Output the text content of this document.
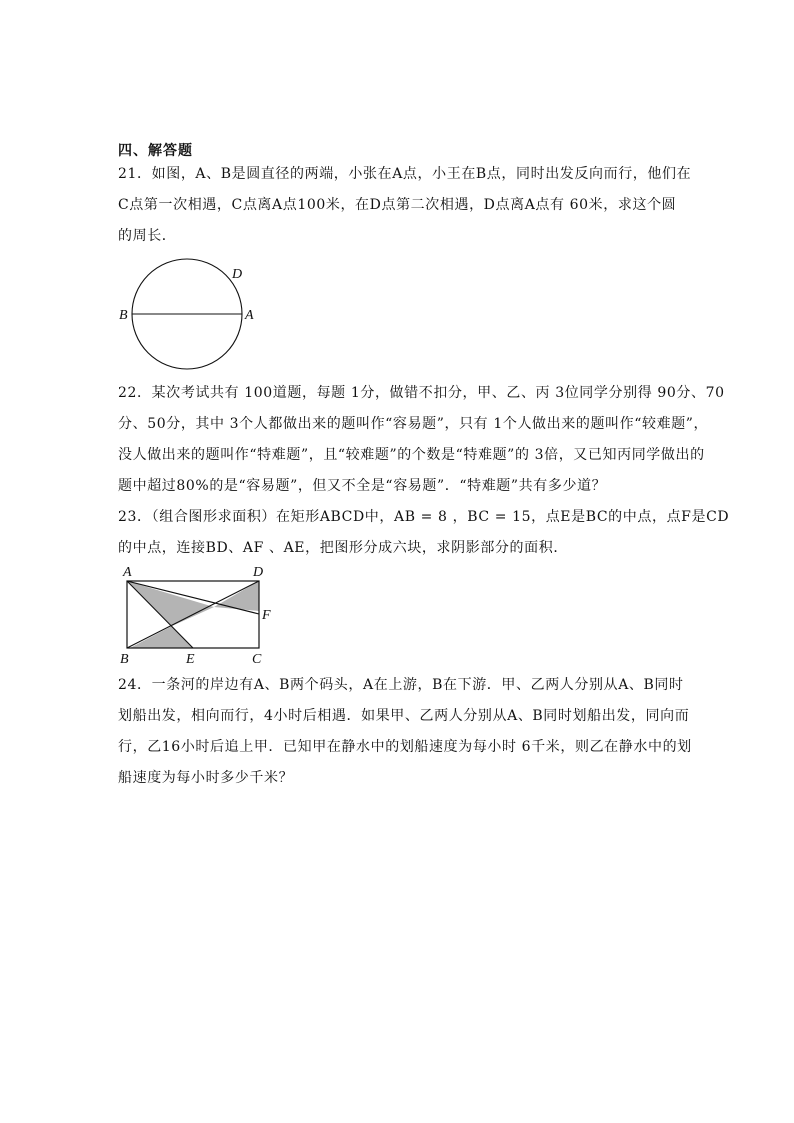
四、解答题
21．如图，A、B是圆直径的两端，小张在A点，小王在B点，同时出发反向而行，他们在
C点第一次相遇，C点离A点100米，在D点第二次相遇，D点离A点有 60米，求这个圆
的周长．
B	A
D
22．某次考试共有 100道题，每题 1分，做错不扣分，甲、乙、丙 3位同学分别得 90分、70
分、50分，其中 3个人都做出来的题叫作“容易题”，只有 1个人做出来的题叫作“较难题”，
没人做出来的题叫作“特难题”，且“较难题”的个数是“特难题”的 3倍，又已知丙同学做出的
题中超过80%的是“容易题”，但又不全是“容易题”．“特难题”共有多少道？
23．（组合图形求面积）在矩形ABCD中，AB = 8 ，BC = 15，点E是BC的中点，点F是CD
的中点，连接BD、AF 、AE，把图形分成六块，求阴影部分的面积．
A	D
F
B	E	C
24．一条河的岸边有A、B两个码头，A在上游，B在下游．甲、乙两人分别从A、B同时
划船出发，相向而行，4小时后相遇．如果甲、乙两人分别从A、B同时划船出发，同向而
行，乙16小时后追上甲．已知甲在静水中的划船速度为每小时 6千米，则乙在静水中的划
船速度为每小时多少千米？
